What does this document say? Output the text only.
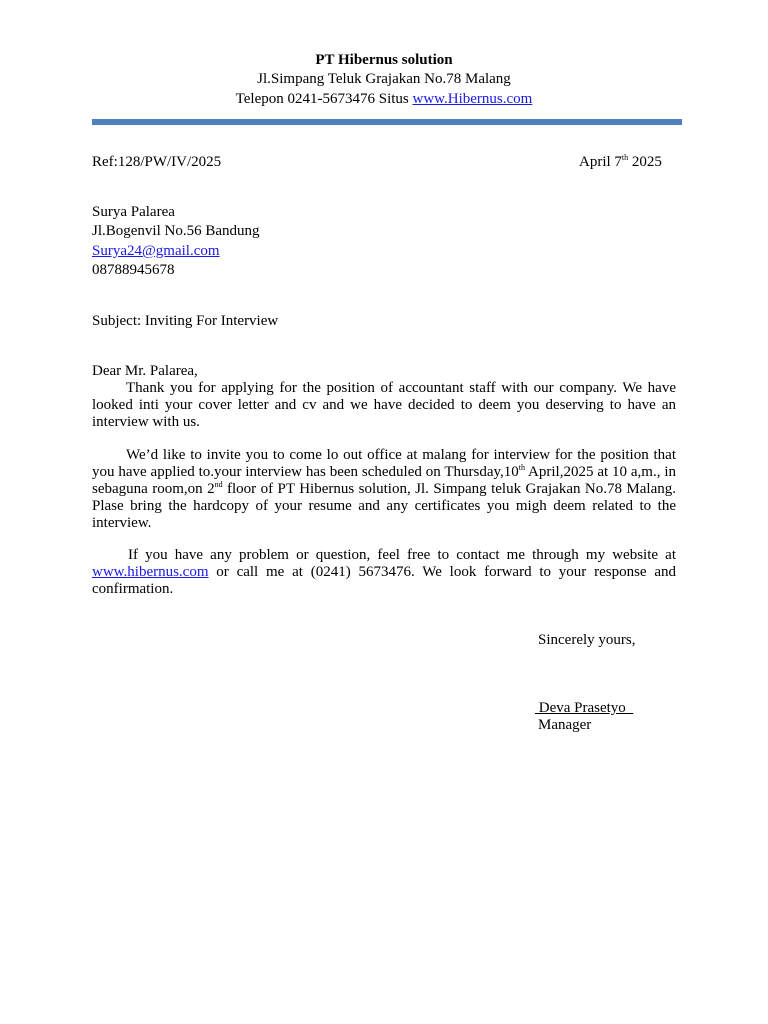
PT Hibernus solution
Jl.Simpang Teluk Grajakan No.78 Malang
Telepon 0241-5673476 Situs www.Hibernus.com
Ref:128/PW/IV/2025	April 7th 2025
Surya Palarea
Jl.Bogenvil No.56 Bandung
Surya24@gmail.com
08788945678
Subject: Inviting For Interview
Dear Mr. Palarea,
Thank you for applying for the position of accountant staff with our company. We have looked inti your cover letter and cv and we have decided to deem you deserving to have an interview with us.
We’d like to invite you to come lo out office at malang for interview for the position that you have applied to.your interview has been scheduled on Thursday,10th April,2025 at 10 a,m., in sebaguna room,on 2nd floor of PT Hibernus solution, Jl. Simpang teluk Grajakan No.78 Malang. Plase bring the hardcopy of your resume and any certificates you migh deem related to the interview.
If you have any problem or question, feel free to contact me through my website at www.hibernus.com or call me at (0241) 5673476. We look forward to your response and confirmation.
Sincerely yours,
Deva Prasetyo
Manager
